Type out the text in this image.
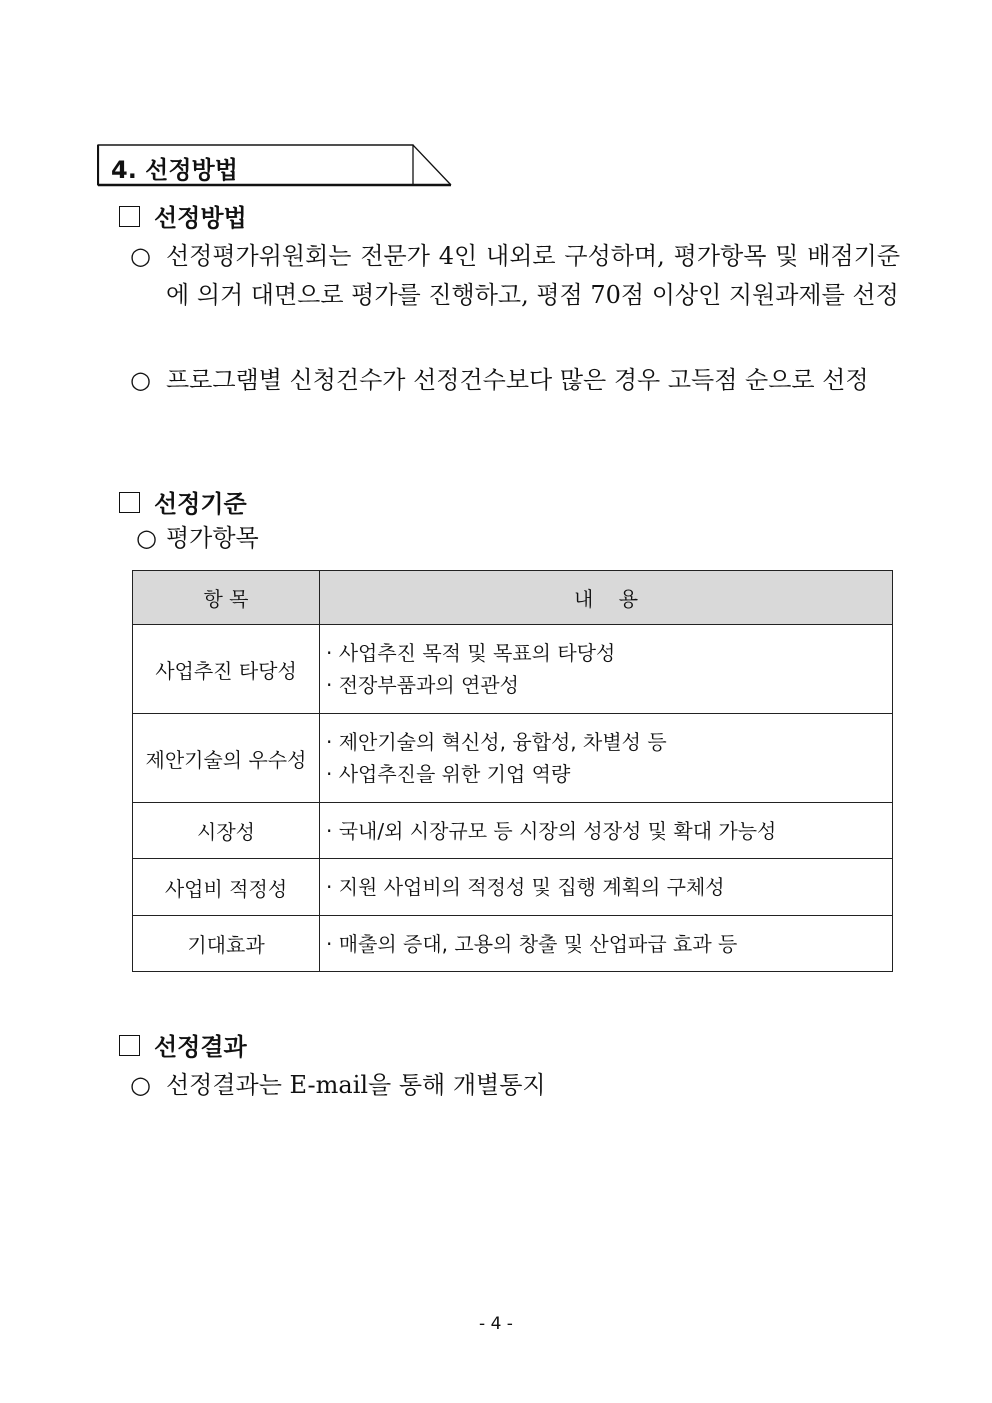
4. 선정방법
선정방법
○ 선정평가위원회는 전문가 4인 내외로 구성하며, 평가항목 및 배점기준에 의거 대면으로 평가를 진행하고, 평점 70점 이상인 지원과제를 선정
○ 프로그램별 신청건수가 선정건수보다 많은 경우 고득점 순으로 선정
선정기준
○ 평가항목
항 목	내    용
사업추진 타당성	· 사업추진 목적 및 목표의 타당성
· 전장부품과의 연관성

제안기술의 우수성	· 제안기술의 혁신성, 융합성, 차별성 등
· 사업추진을 위한 기업 역량

시장성	· 국내/외 시장규모 등 시장의 성장성 및 확대 가능성

사업비 적정성	· 지원 사업비의 적정성 및 집행 계획의 구체성

기대효과	· 매출의 증대, 고용의 창출 및 산업파급 효과 등
선정결과
○ 선정결과는 E-mail을 통해 개별통지
- 4 -
